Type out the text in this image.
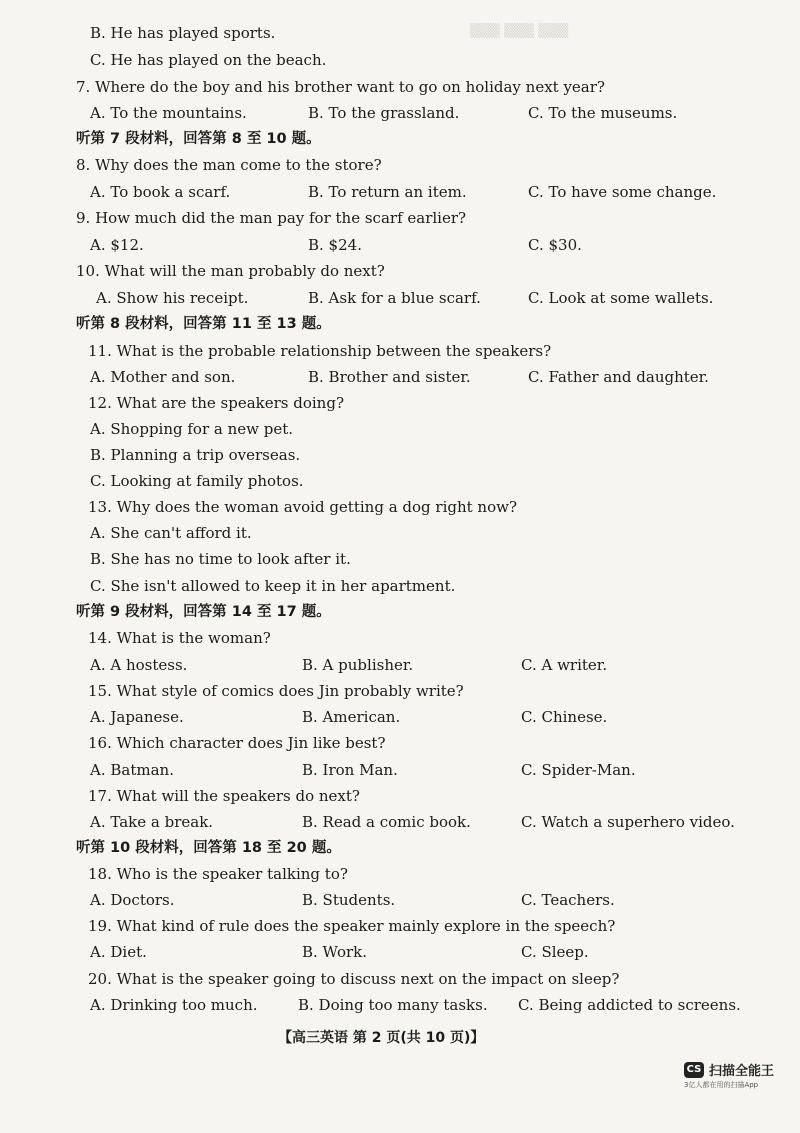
▒▒▒ ▒▒▒ ▒▒▒
B. He has played sports.
C. He has played on the beach.
7. Where do the boy and his brother want to go on holiday next year?
A. To the mountains.	B. To the grassland.	C. To the museums.
听第 7 段材料，回答第 8 至 10 题。
8. Why does the man come to the store?
A. To book a scarf.	B. To return an item.	C. To have some change.
9. How much did the man pay for the scarf earlier?
A. $12.	B. $24.	C. $30.
10. What will the man probably do next?
A. Show his receipt.	B. Ask for a blue scarf.	C. Look at some wallets.
听第 8 段材料，回答第 11 至 13 题。
11. What is the probable relationship between the speakers?
A. Mother and son.	B. Brother and sister.	C. Father and daughter.
12. What are the speakers doing?
A. Shopping for a new pet.
B. Planning a trip overseas.
C. Looking at family photos.
13. Why does the woman avoid getting a dog right now?
A. She can't afford it.
B. She has no time to look after it.
C. She isn't allowed to keep it in her apartment.
听第 9 段材料，回答第 14 至 17 题。
14. What is the woman?
A. A hostess.	B. A publisher.	C. A writer.
15. What style of comics does Jin probably write?
A. Japanese.	B. American.	C. Chinese.
16. Which character does Jin like best?
A. Batman.	B. Iron Man.	C. Spider-Man.
17. What will the speakers do next?
A. Take a break.	B. Read a comic book.	C. Watch a superhero video.
听第 10 段材料，回答第 18 至 20 题。
18. Who is the speaker talking to?
A. Doctors.	B. Students.	C. Teachers.
19. What kind of rule does the speaker mainly explore in the speech?
A. Diet.	B. Work.	C. Sleep.
20. What is the speaker going to discuss next on the impact on sleep?
A. Drinking too much.	B. Doing too many tasks. C. Being addicted to screens.
【高三英语 第 2 页(共 10 页)】
CS 扫描全能王
3亿人都在用的扫描App
